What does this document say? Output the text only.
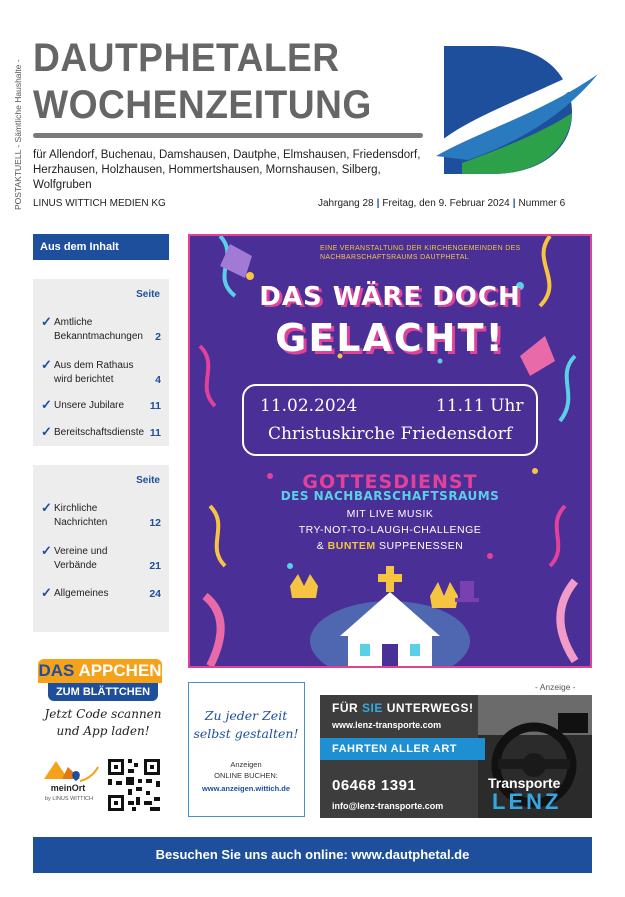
POSTAKTUELL - Sämtliche Haushalte -
DAUTPHETALER
WOCHENZEITUNG
für Allendorf, Buchenau, Damshausen, Dautphe, Elmshausen, Friedensdorf,
Herzhausen, Holzhausen, Hommertshausen, Mornshausen, Silberg, Wolfgruben
LINUS WITTICH MEDIEN KG	Jahrgang 28 | Freitag, den 9. Februar 2024 | Nummer 6
Aus dem Inhalt
Seite
✓ Amtliche Bekanntmachungen 2
✓ Aus dem Rathaus wird berichtet	4
✓ Unsere Jubilare	11
✓ Bereitschaftsdienste 11
Seite
✓ Kirchliche Nachrichten	12
✓ Vereine und Verbände	21
✓ Allgemeines	24
EINE VERANSTALTUNG DER KIRCHENGEMEINDEN DES NACHBARSCHAFTSRAUMS DAUTPHETAL
DAS WÄRE DOCH
GELACHT!
11.02.2024	11.11 Uhr
Christuskirche Friedensdorf
GOTTESDIENST
DES NACHBARSCHAFTSRAUMS
MIT LIVE MUSIK
TRY-NOT-TO-LAUGH-CHALLENGE
& BUNTEM SUPPENESSEN
DAS APPCHEN
ZUM BLÄTTCHEN
Jetzt Code scannen
und App laden!
meinOrt
by LINUS WITTICH
Zu jeder Zeit
selbst gestalten!
Anzeigen
ONLINE BUCHEN:
www.anzeigen.wittich.de
- Anzeige -
FÜR SIE UNTERWEGS!
www.lenz-transporte.com
FAHRTEN ALLER ART
06468 1391
info@lenz-transporte.com
Transporte
LENZ
Besuchen Sie uns auch online: www.dautphetal.de
